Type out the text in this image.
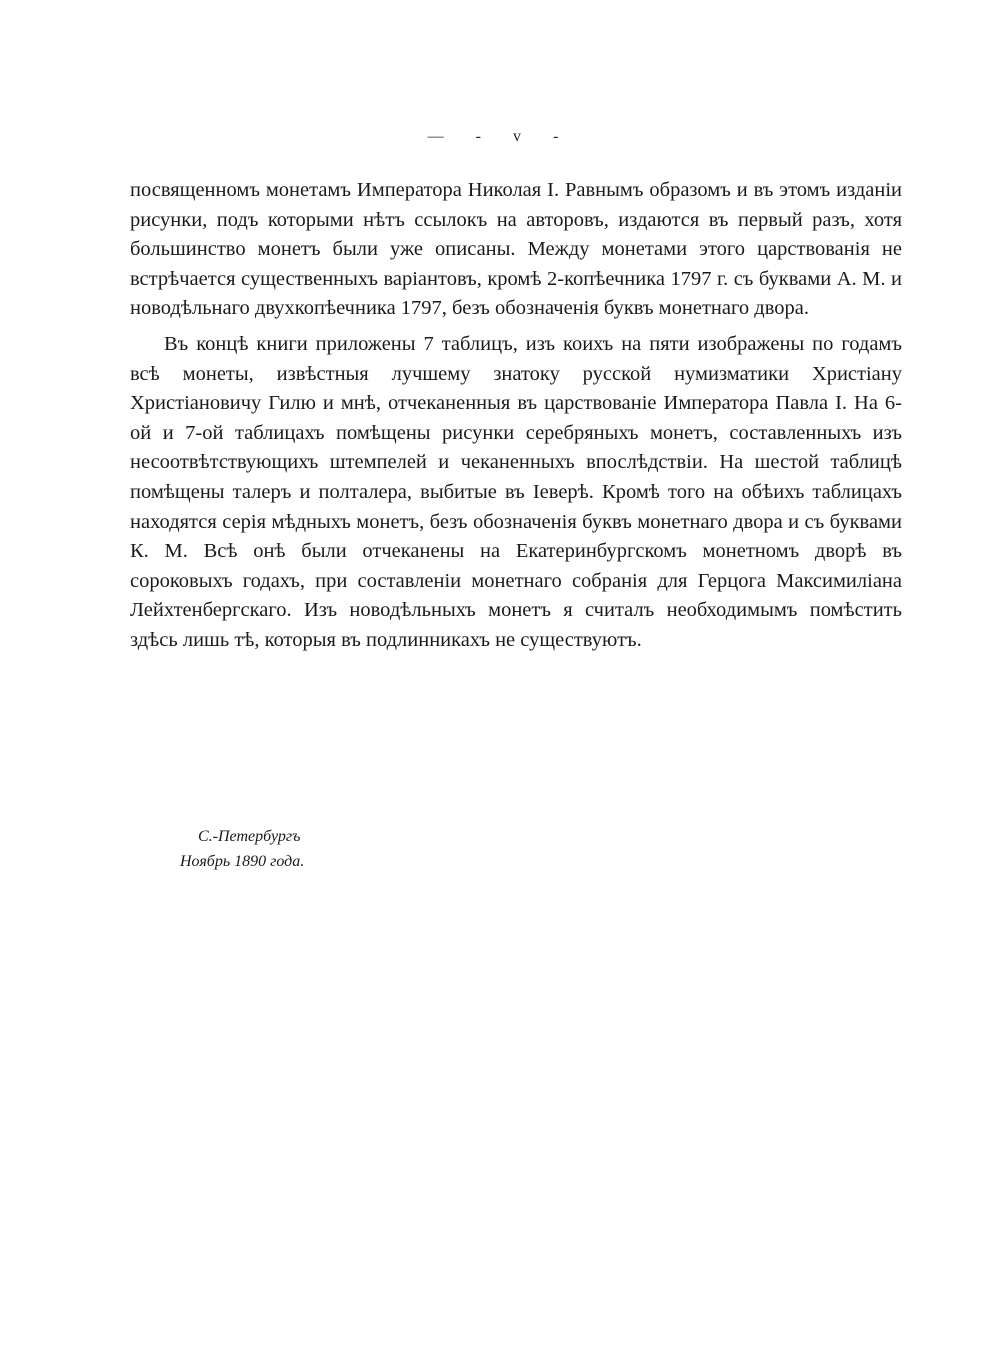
— - v -

посвященномъ монетамъ Императора Николая I. Равнымъ образомъ и въ этомъ изданіи рисунки, подъ которыми нѣтъ ссылокъ на авторовъ, издаются въ первый разъ, хотя большинство монетъ были уже описаны. Между монетами этого царствованія не встрѣчается существенныхъ варіантовъ, кромѣ 2-копѣечника 1797 г. съ буквами А. М. и новодѣльнаго двухкопѣечника 1797, безъ обозначенія буквъ монетнаго двора.

Въ концѣ книги приложены 7 таблицъ, изъ коихъ на пяти изображены по годамъ всѣ монеты, извѣстныя лучшему знатоку русской нумизматики Христіану Христіановичу Гилю и мнѣ, отчеканенныя въ царствованіе Императора Павла I. На 6-ой и 7-ой таблицахъ помѣщены рисунки серебряныхъ монетъ, составленныхъ изъ несоотвѣтствующихъ штемпелей и чеканенныхъ впослѣдствіи. На шестой таблицѣ помѣщены талеръ и полталера, выбитые въ Іеверѣ. Кромѣ того на обѣихъ таблицахъ находятся серія мѣдныхъ монетъ, безъ обозначенія буквъ монетнаго двора и съ буквами К. М. Всѣ онѣ были отчеканены на Екатеринбургскомъ монетномъ дворѣ въ сороковыхъ годахъ, при составленіи монетнаго собранія для Герцога Максимиліана Лейхтенбергскаго. Изъ новодѣльныхъ монетъ я считалъ необходимымъ помѣстить здѣсь лишь тѣ, которыя въ подлинникахъ не существуютъ.

С.-Петербургъ
Ноябрь 1890 года.
